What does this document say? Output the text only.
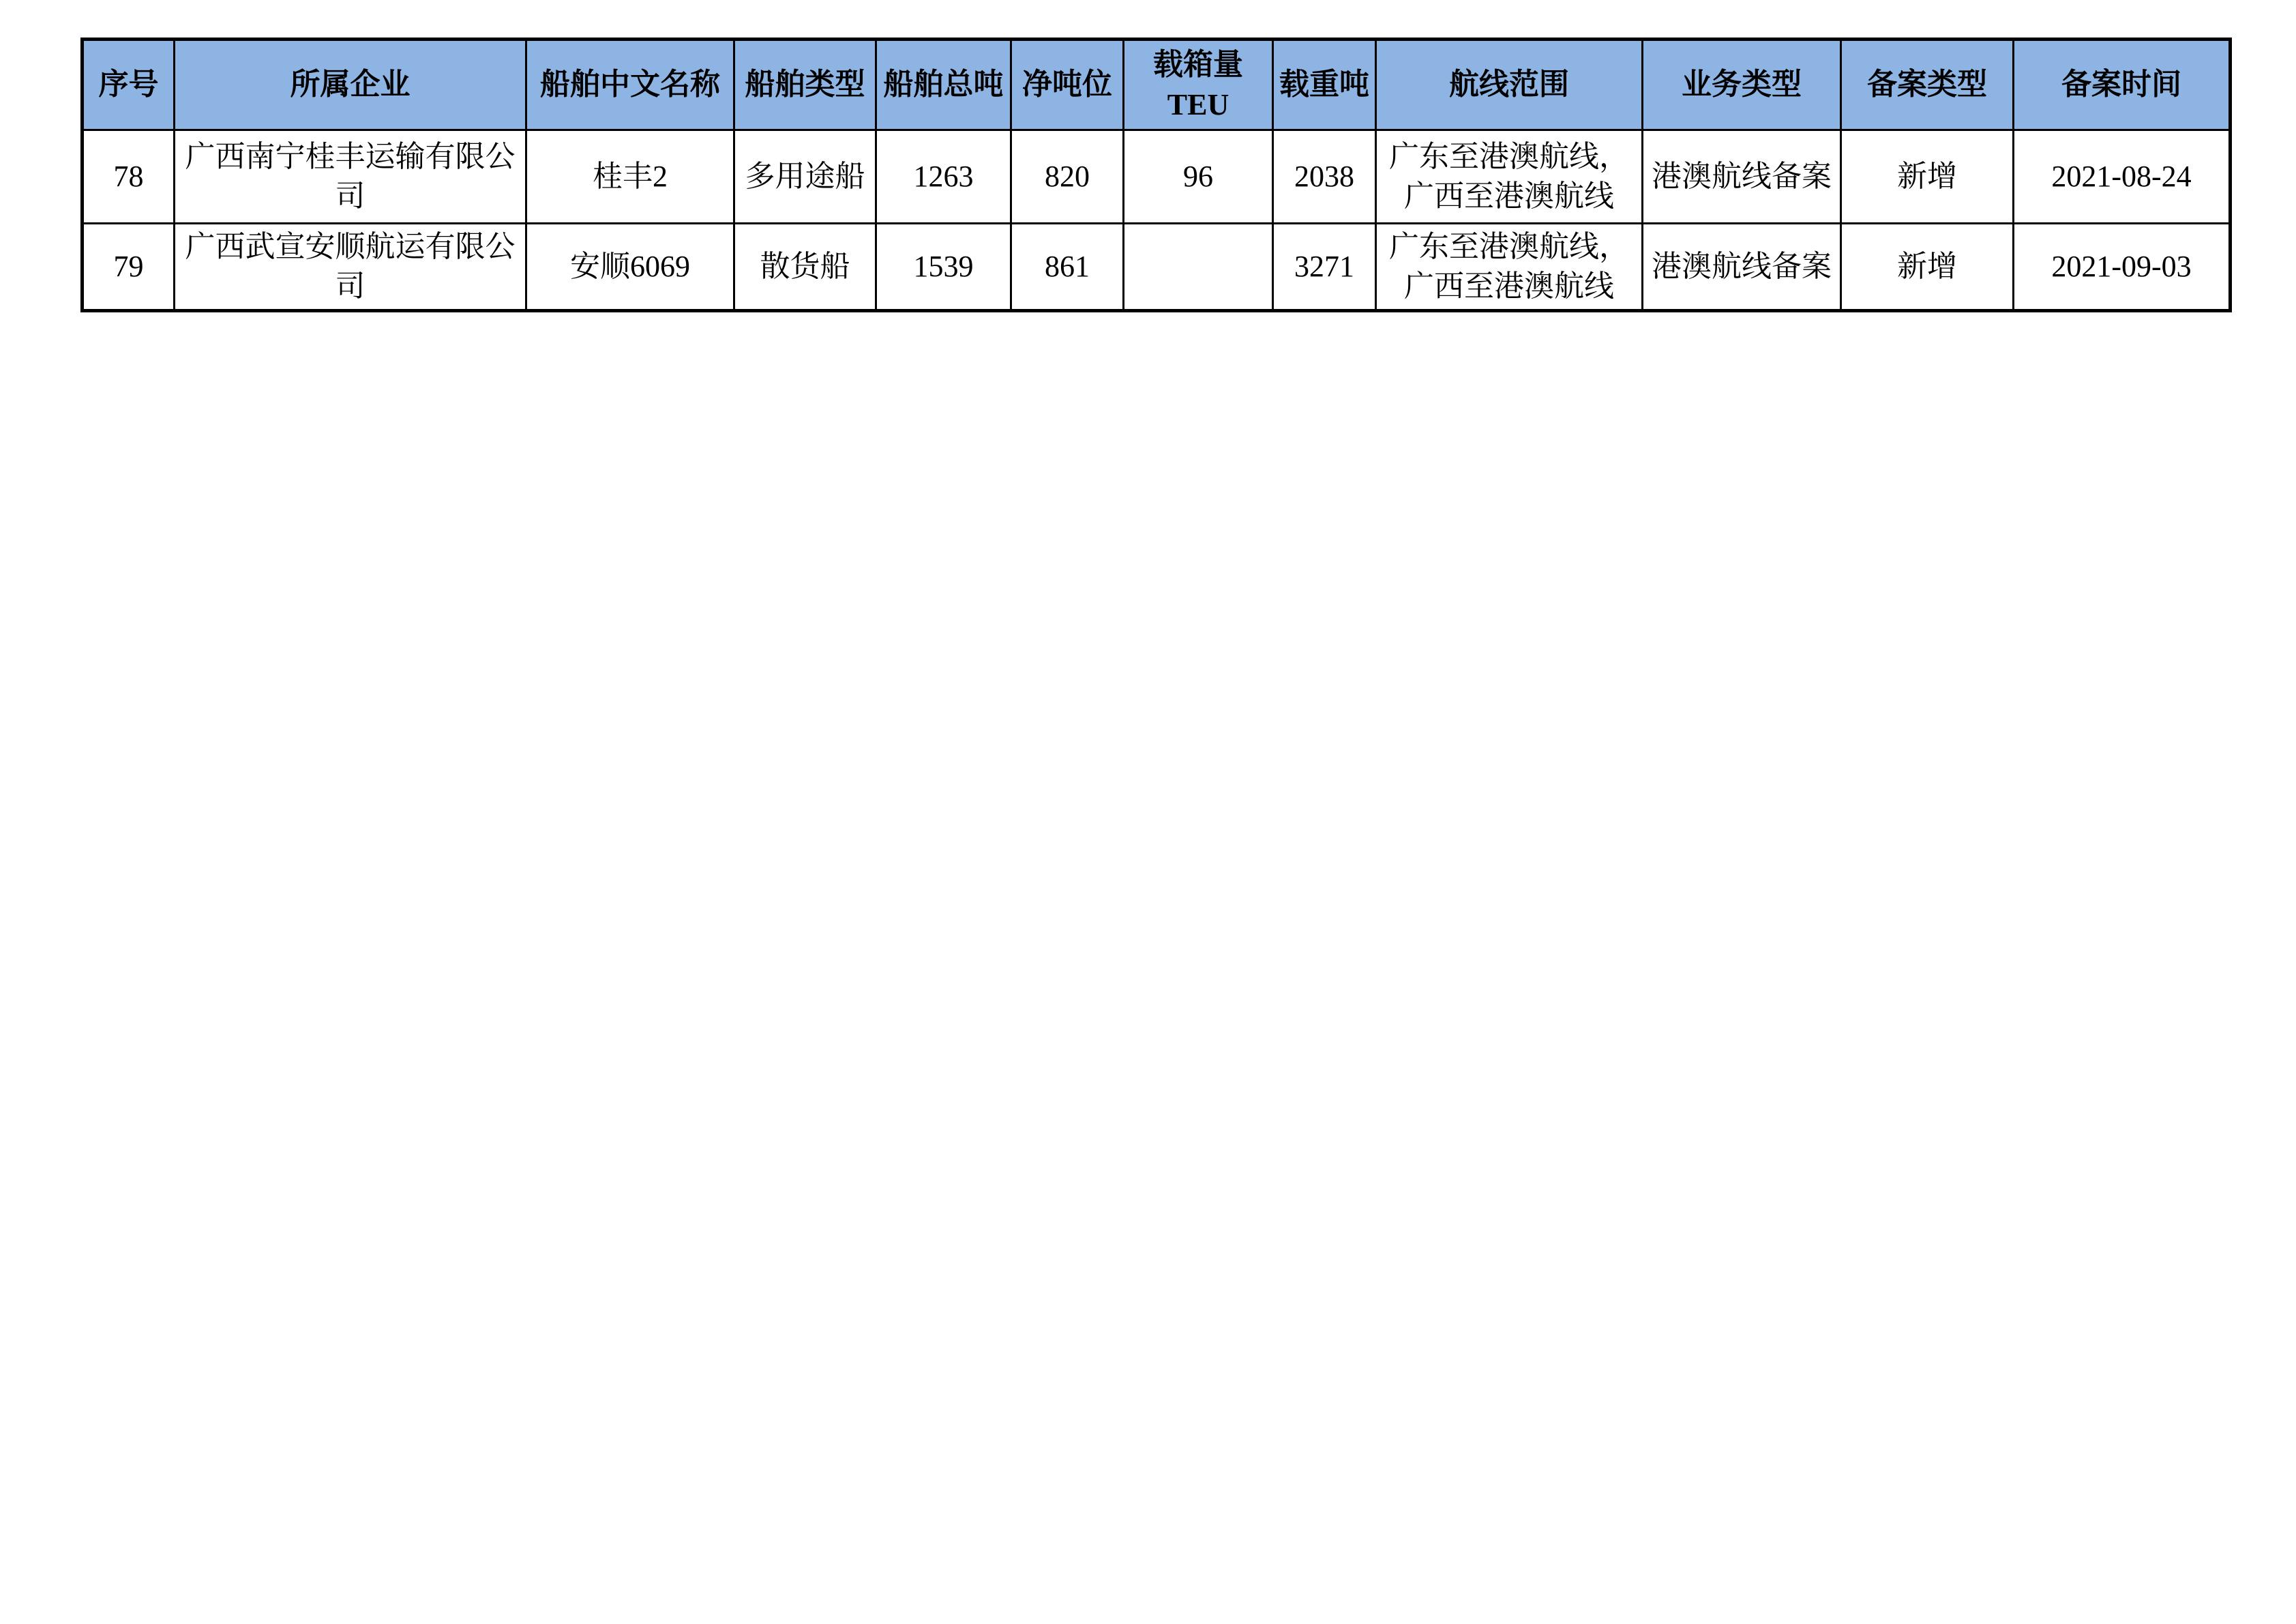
序号	所属企业	船舶中文名称	船舶类型	船舶总吨	净吨位	载箱量TEU	载重吨	航线范围	业务类型	备案类型	备案时间
78	广西南宁桂丰运输有限公司	桂丰2	多用途船	1263	820	96	2038	广东至港澳航线，广西至港澳航线	港澳航线备案	新增	2021-08-24
79	广西武宣安顺航运有限公司	安顺6069	散货船	1539	861		3271	广东至港澳航线，广西至港澳航线	港澳航线备案	新增	2021-09-03
